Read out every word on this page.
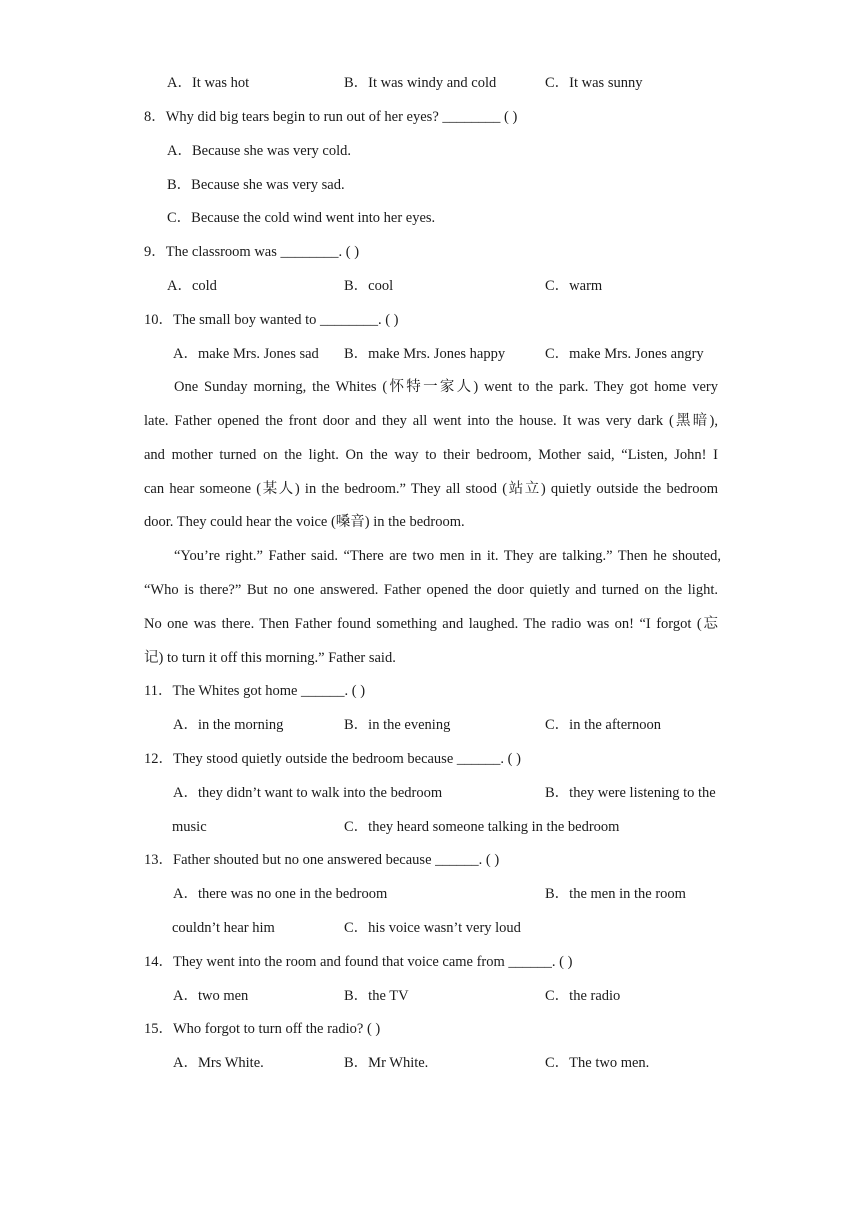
A．It was hot	B．It was windy and cold	C．It was sunny
8．Why did big tears begin to run out of her eyes? ________ ( )
A．Because she was very cold.
B．Because she was very sad.
C．Because the cold wind went into her eyes.
9．The classroom was ________. ( )
A．cold	B．cool	C．warm
10．The small boy wanted to ________. ( )
A．make Mrs. Jones sad B．make Mrs. Jones happy	C．make Mrs. Jones angry
One Sunday morning, the Whites (怀特一家人) went to the park. They got home very
late. Father opened the front door and they all went into the house. It was very dark (黑暗),
and mother turned on the light. On the way to their bedroom, Mother said, “Listen, John! I
can hear someone (某人) in the bedroom.” They all stood (站立) quietly outside the bedroom
door. They could hear the voice (嗓音) in the bedroom.
“You’re right.” Father said. “There are two men in it. They are talking.” Then he shouted,
“Who is there?” But no one answered. Father opened the door quietly and turned on the light.
No one was there. Then Father found something and laughed. The radio was on! “I forgot (忘
记) to turn it off this morning.” Father said.
11．The Whites got home ______. ( )
A．in the morning	B．in the evening	C．in the afternoon
12．They stood quietly outside the bedroom because ______. ( )
A．they didn’t want to walk into the bedroom	B．they were listening to the
music	C．they heard someone talking in the bedroom
13．Father shouted but no one answered because ______. ( )
A．there was no one in the bedroom	B．the men in the room
couldn’t hear him	C．his voice wasn’t very loud
14．They went into the room and found that voice came from ______. ( )
A．two men	B．the TV	C．the radio
15．Who forgot to turn off the radio? ( )
A．Mrs White.	B．Mr White.	C．The two men.
